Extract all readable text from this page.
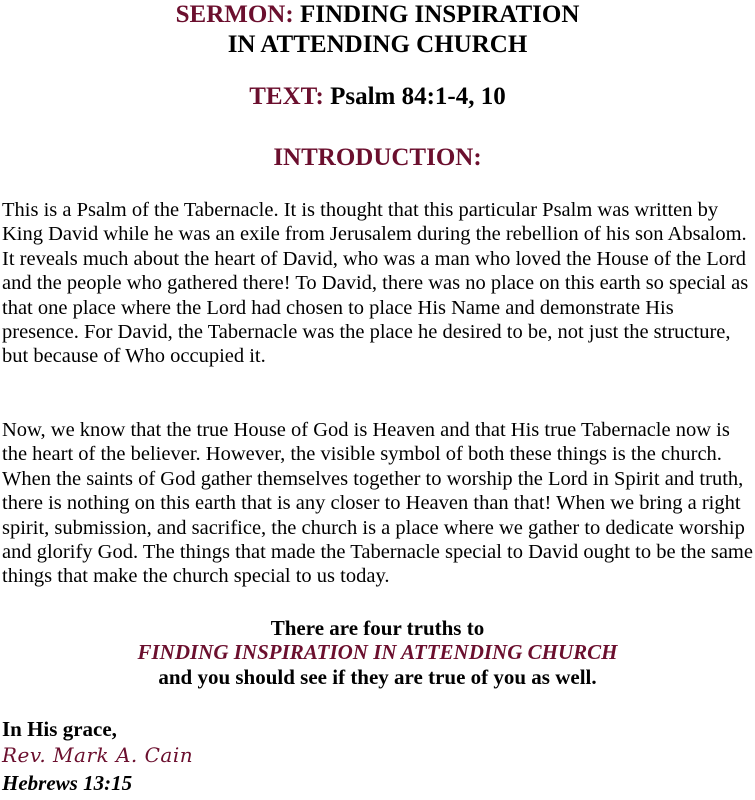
SERMON: FINDING INSPIRATION
IN ATTENDING CHURCH
TEXT: Psalm 84:1-4, 10
INTRODUCTION:

This is a Psalm of the Tabernacle. It is thought that this particular Psalm was written by King David while he was an exile from Jerusalem during the rebellion of his son Absalom. It reveals much about the heart of David, who was a man who loved the House of the Lord and the people who gathered there! To David, there was no place on this earth so special as that one place where the Lord had chosen to place His Name and demonstrate His presence. For David, the Tabernacle was the place he desired to be, not just the structure, but because of Who occupied it.

Now, we know that the true House of God is Heaven and that His true Tabernacle now is the heart of the believer. However, the visible symbol of both these things is the church. When the saints of God gather themselves together to worship the Lord in Spirit and truth, there is nothing on this earth that is any closer to Heaven than that! When we bring a right spirit, submission, and sacrifice, the church is a place where we gather to dedicate worship and glorify God. The things that made the Tabernacle special to David ought to be the same things that make the church special to us today.

There are four truths to

FINDING INSPIRATION IN ATTENDING CHURCH

and you should see if they are true of you as well.

In His grace,

Rev. Mark A. Cain

Hebrews 13:15
